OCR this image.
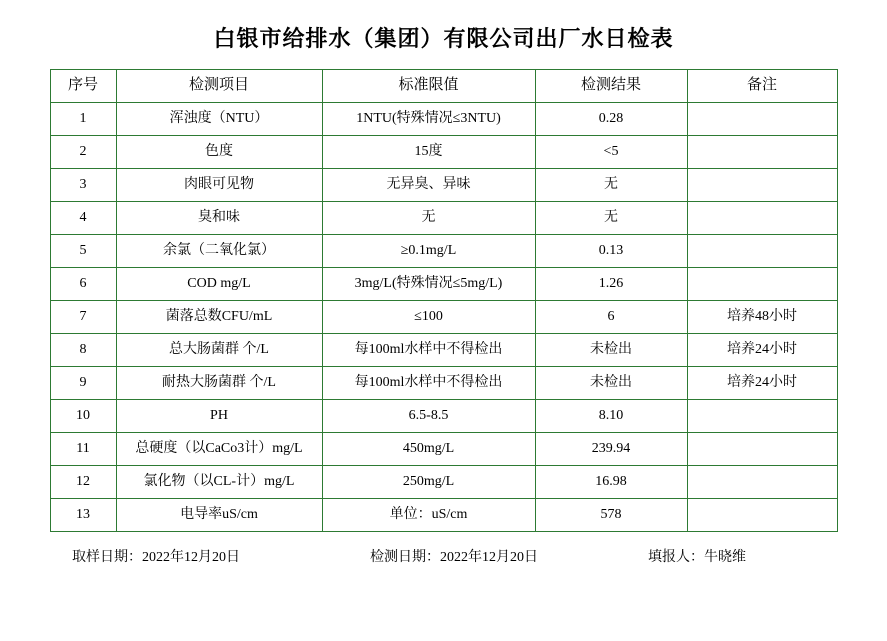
白银市给排水（集团）有限公司出厂水日检表
序号	检测项目	标准限值	检测结果	备注
1	浑浊度（NTU）	1NTU(特殊情况≤3NTU)	0.28	
2	色度	15度	<5	
3	肉眼可见物	无异臭、异味	无	
4	臭和味	无	无	
5	余氯（二氧化氯）	≥0.1mg/L	0.13	
6	COD mg/L	3mg/L(特殊情况≤5mg/L)	1.26	
7	菌落总数CFU/mL	≤100	6	培养48小时
8	总大肠菌群 个/L	每100ml水样中不得检出	未检出	培养24小时
9	耐热大肠菌群 个/L	每100ml水样中不得检出	未检出	培养24小时
10	PH	6.5-8.5	8.10	
11	总硬度（以CaCo3计）mg/L	450mg/L	239.94	
12	氯化物（以CL-计）mg/L	250mg/L	16.98	
13	电导率uS/cm	单位：uS/cm	578	
取样日期：2022年12月20日	检测日期：2022年12月20日	填报人：牛晓维
